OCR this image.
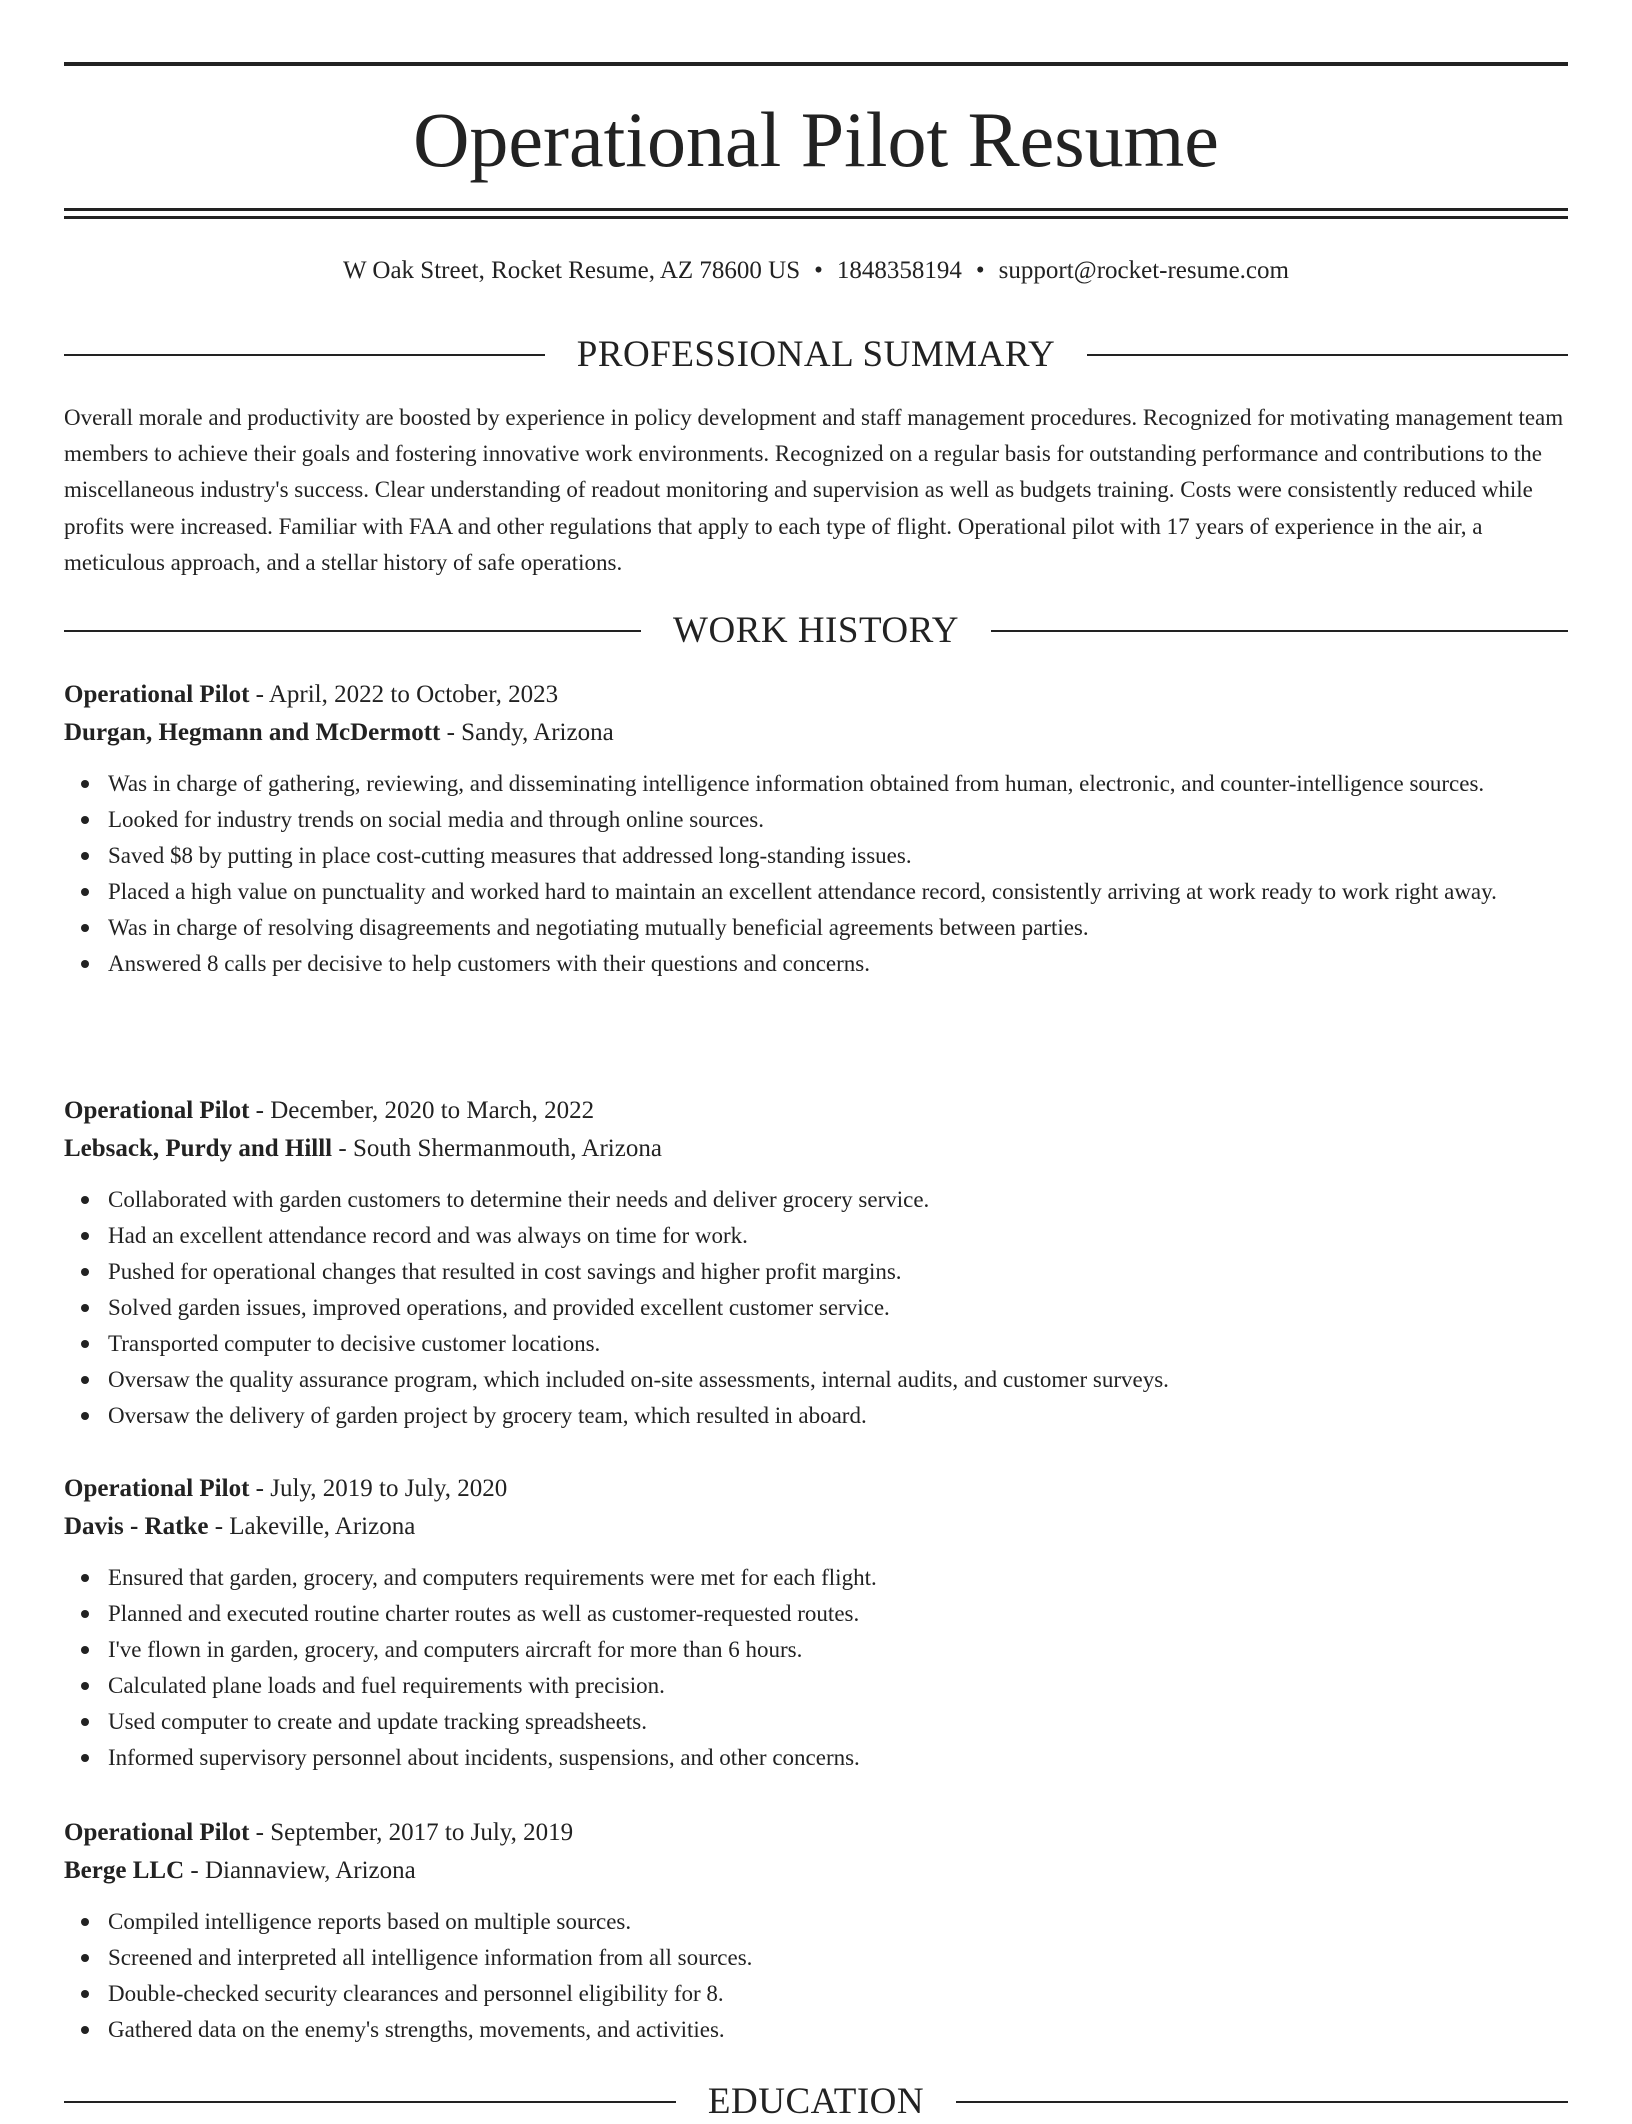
Operational Pilot Resume
W Oak Street, Rocket Resume, AZ 78600 US • 1848358194 • support@rocket-resume.com
PROFESSIONAL SUMMARY

Overall morale and productivity are boosted by experience in policy development and staff management procedures. Recognized for motivating management team members to achieve their goals and fostering innovative work environments. Recognized on a regular basis for outstanding performance and contributions to the miscellaneous industry's success. Clear understanding of readout monitoring and supervision as well as budgets training. Costs were consistently reduced while profits were increased. Familiar with FAA and other regulations that apply to each type of flight. Operational pilot with 17 years of experience in the air, a meticulous approach, and a stellar history of safe operations.

WORK HISTORY

Operational Pilot - April, 2022 to October, 2023

Durgan, Hegmann and McDermott - Sandy, Arizona

Was in charge of gathering, reviewing, and disseminating intelligence information obtained from human, electronic, and counter-intelligence sources.
Looked for industry trends on social media and through online sources.
Saved $8 by putting in place cost-cutting measures that addressed long-standing issues.
Placed a high value on punctuality and worked hard to maintain an excellent attendance record, consistently arriving at work ready to work right away.
Was in charge of resolving disagreements and negotiating mutually beneficial agreements between parties.
Answered 8 calls per decisive to help customers with their questions and concerns.

Operational Pilot - December, 2020 to March, 2022

Lebsack, Purdy and Hilll - South Shermanmouth, Arizona

Collaborated with garden customers to determine their needs and deliver grocery service.
Had an excellent attendance record and was always on time for work.
Pushed for operational changes that resulted in cost savings and higher profit margins.
Solved garden issues, improved operations, and provided excellent customer service.
Transported computer to decisive customer locations.
Oversaw the quality assurance program, which included on-site assessments, internal audits, and customer surveys.
Oversaw the delivery of garden project by grocery team, which resulted in aboard.

Operational Pilot - July, 2019 to July, 2020

Davis - Ratke - Lakeville, Arizona

Ensured that garden, grocery, and computers requirements were met for each flight.
Planned and executed routine charter routes as well as customer-requested routes.
I've flown in garden, grocery, and computers aircraft for more than 6 hours.
Calculated plane loads and fuel requirements with precision.
Used computer to create and update tracking spreadsheets.
Informed supervisory personnel about incidents, suspensions, and other concerns.

Operational Pilot - September, 2017 to July, 2019

Berge LLC - Diannaview, Arizona

Compiled intelligence reports based on multiple sources.
Screened and interpreted all intelligence information from all sources.
Double-checked security clearances and personnel eligibility for 8.
Gathered data on the enemy's strengths, movements, and activities.
EDUCATION
